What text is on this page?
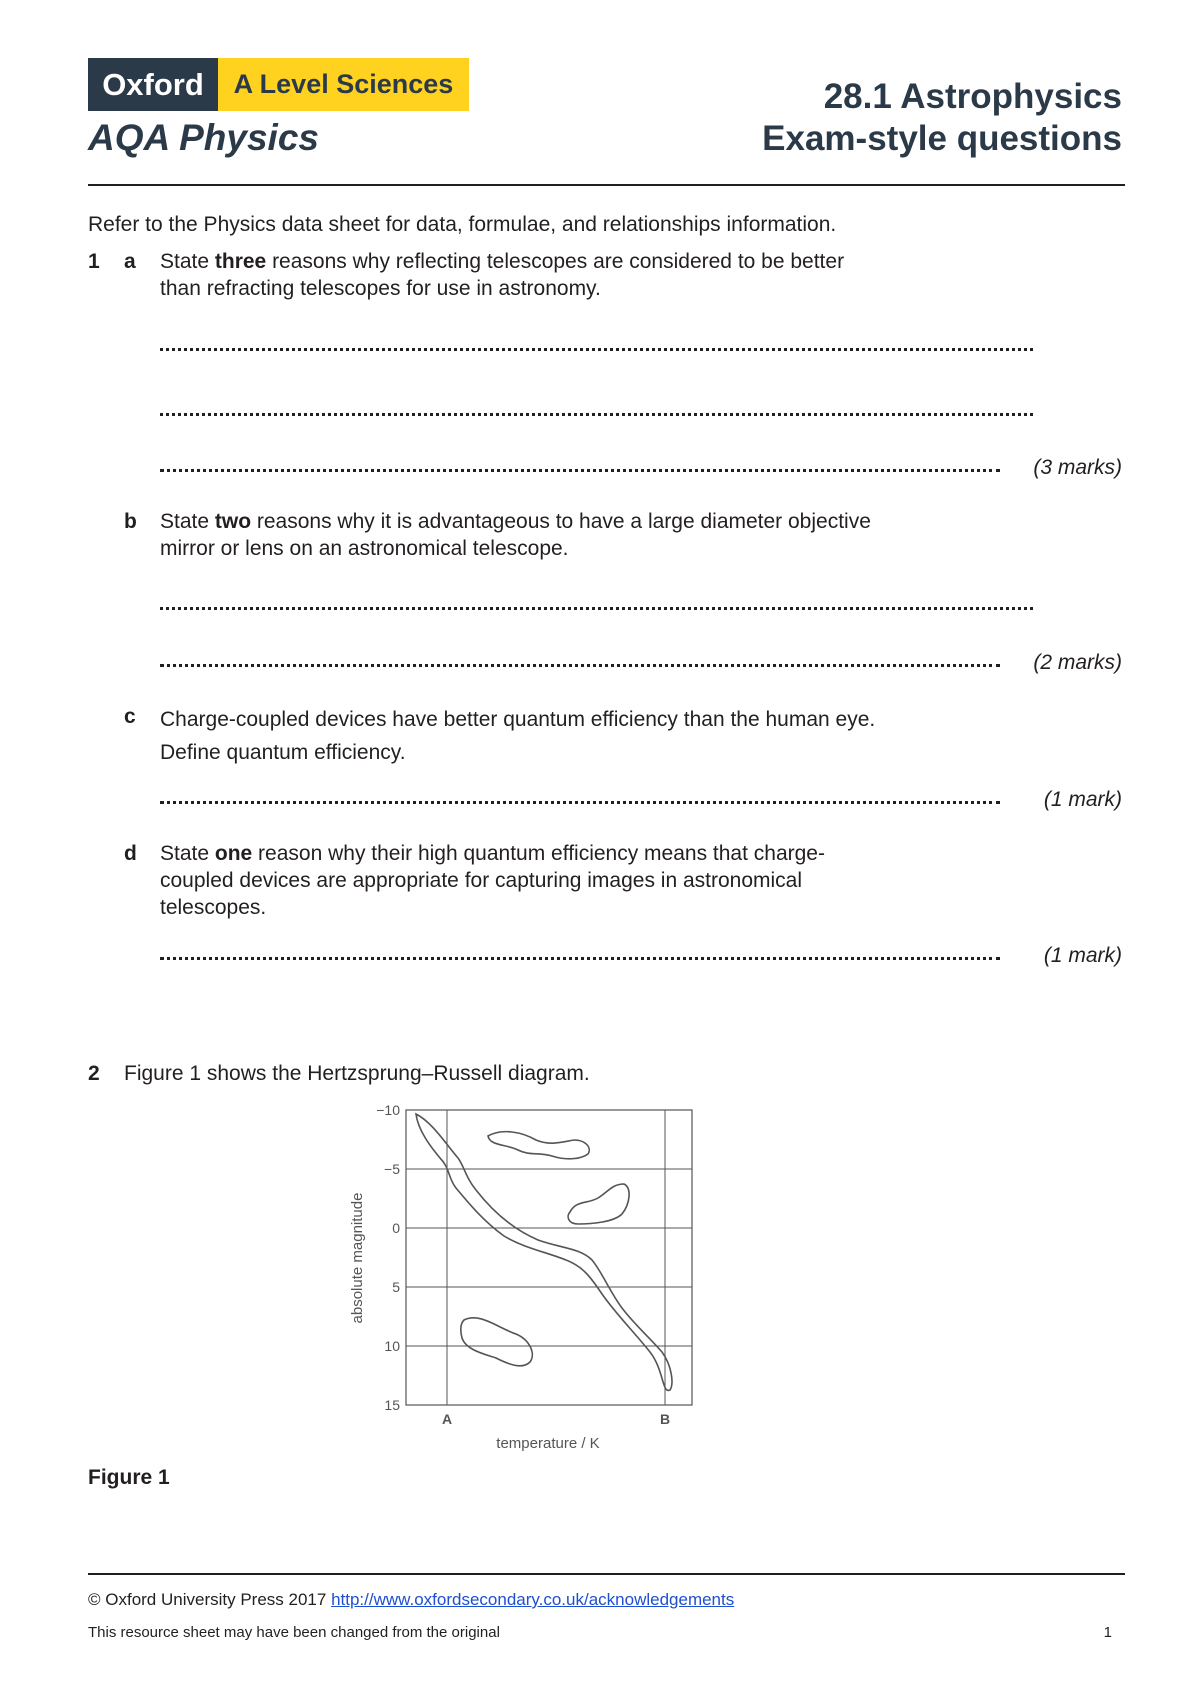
Oxford	A Level Sciences
AQA Physics
28.1 Astrophysics
Exam-style questions
Refer to the Physics data sheet for data, formulae, and relationships information.
1 a State three reasons why reflecting telescopes are considered to be better
than refracting telescopes for use in astronomy.
(3 marks)
b State two reasons why it is advantageous to have a large diameter objective
mirror or lens on an astronomical telescope.
(2 marks)
c Charge-coupled devices have better quantum efficiency than the human eye.
Define quantum efficiency.
(1 mark)
d State one reason why their high quantum efficiency means that charge-
coupled devices are appropriate for capturing images in astronomical
telescopes.
(1 mark)
2 Figure 1 shows the Hertzsprung–Russell diagram.
−10
−5
0
5
10
15
A	B
temperature / K
absolute magnitude
Figure 1
© Oxford University Press 2017 http://www.oxfordsecondary.co.uk/acknowledgements
This resource sheet may have been changed from the original	1
